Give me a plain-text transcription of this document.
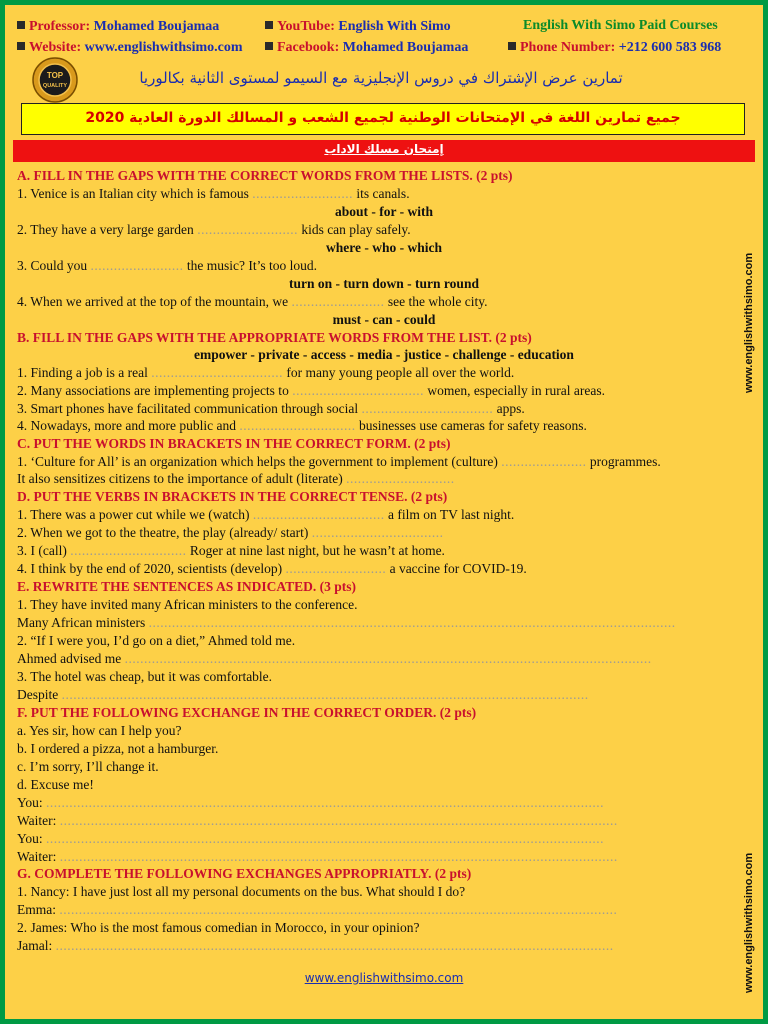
Professor: Mohamed Boujamaa	YouTube: English With Simo	English With Simo Paid Courses
Website: www.englishwithsimo.com	Facebook: Mohamed Boujamaa	Phone Number: +212 600 583 968
TOP
QUALITY	تمارين عرض الإشتراك في دروس الإنجليزية مع السيمو لمستوى الثانية بكالوريا
جميع تمارين اللغة في الإمتحانات الوطنية لجميع الشعب و المسالك الدورة العادية 2020
إمتحان مسلك الاداب
A. FILL IN THE GAPS WITH THE CORRECT WORDS FROM THE LISTS. (2 pts)
1. Venice is an Italian city which is famous .......................... its canals.
about - for - with
2. They have a very large garden .......................... kids can play safely.
where - who - which
3. Could you ........................ the music? It’s too loud.
turn on - turn down - turn round
4. When we arrived at the top of the mountain, we ........................ see the whole city.
must - can - could
B. FILL IN THE GAPS WITH THE APPROPRIATE WORDS FROM THE LIST. (2 pts)
empower - private - access - media - justice - challenge - education
1. Finding a job is a real .................................. for many young people all over the world.
2. Many associations are implementing projects to .................................. women, especially in rural areas.
3. Smart phones have facilitated communication through social .................................. apps.
4. Nowadays, more and more public and .............................. businesses use cameras for safety reasons.
C. PUT THE WORDS IN BRACKETS IN THE CORRECT FORM. (2 pts)
1. ‘Culture for All’ is an organization which helps the government to implement (culture) ...................... programmes.
It also sensitizes citizens to the importance of adult (literate) ............................
D. PUT THE VERBS IN BRACKETS IN THE CORRECT TENSE. (2 pts)
1. There was a power cut while we (watch) .................................. a film on TV last night.
2. When we got to the theatre, the play (already/ start) ..................................
3. I (call) .............................. Roger at nine last night, but he wasn’t at home.
4. I think by the end of 2020, scientists (develop) .......................... a vaccine for COVID-19.
E. REWRITE THE SENTENCES AS INDICATED. (3 pts)
1. They have invited many African ministers to the conference.
Many African ministers ........................................................................................................................................
2. “If I were you, I’d go on a diet,” Ahmed told me.
Ahmed advised me ........................................................................................................................................
3. The hotel was cheap, but it was comfortable.
Despite ........................................................................................................................................
F. PUT THE FOLLOWING EXCHANGE IN THE CORRECT ORDER. (2 pts)
a. Yes sir, how can I help you?
b. I ordered a pizza, not a hamburger.
c. I’m sorry, I’ll change it.
d. Excuse me!
You: ................................................................................................................................................
Waiter: ................................................................................................................................................
You: ................................................................................................................................................
Waiter: ................................................................................................................................................
G. COMPLETE THE FOLLOWING EXCHANGES APPROPRIATLY. (2 pts)
1. Nancy: I have just lost all my personal documents on the bus. What should I do?
Emma: ................................................................................................................................................
2. James: Who is the most famous comedian in Morocco, in your opinion?
Jamal: ................................................................................................................................................
www.englishwithsimo.com
www.englishwithsimo.com
www.englishwithsimo.com
